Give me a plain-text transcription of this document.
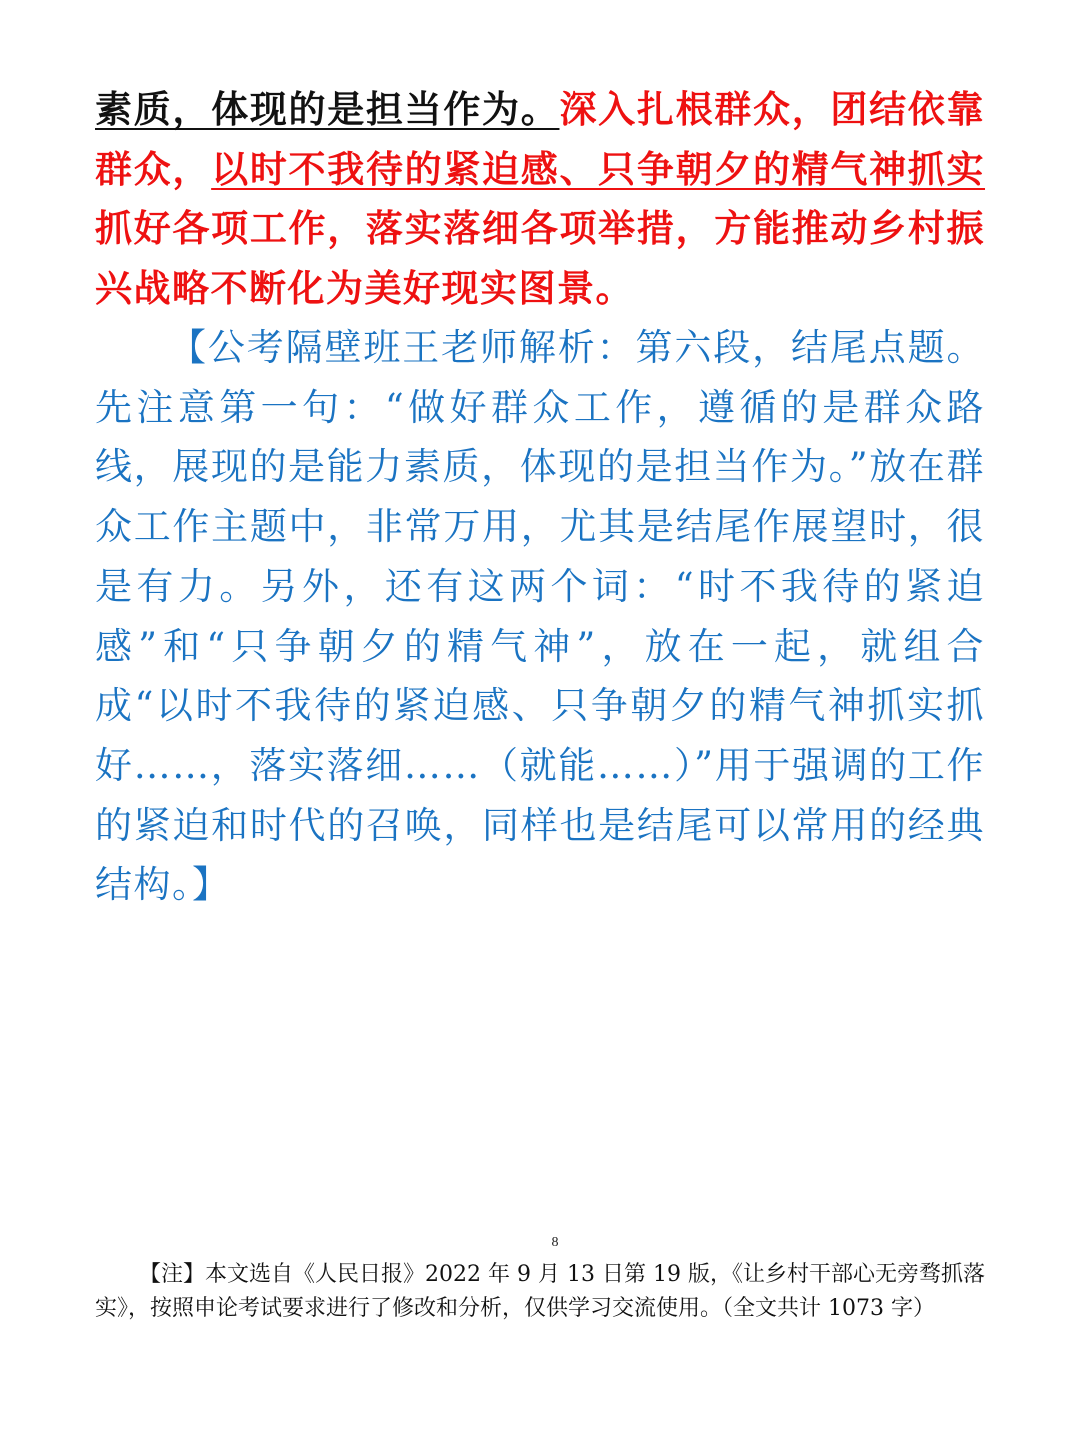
素质，体现的是担当作为。深入扎根群众，团结依靠群众，以时不我待的紧迫感、只争朝夕的精气神抓实抓好各项工作，落实落细各项举措，方能推动乡村振兴战略不断化为美好现实图景。

【公考隔壁班王老师解析：第六段，结尾点题。先注意第一句：“做好群众工作，遵循的是群众路线，展现的是能力素质，体现的是担当作为。”放在群众工作主题中，非常万用，尤其是结尾作展望时，很是有力。另外，还有这两个词：“时不我待的紧迫感”和“只争朝夕的精气神”，放在一起，就组合成“以时不我待的紧迫感、只争朝夕的精气神抓实抓好……，落实落细……（就能……）”用于强调的工作的紧迫和时代的召唤，同样也是结尾可以常用的经典结构。】

8

【注】本文选自《人民日报》2022 年 9 月 13 日第 19 版，《让乡村干部心无旁骛抓落实》，按照申论考试要求进行了修改和分析，仅供学习交流使用。（全文共计 1073 字）
